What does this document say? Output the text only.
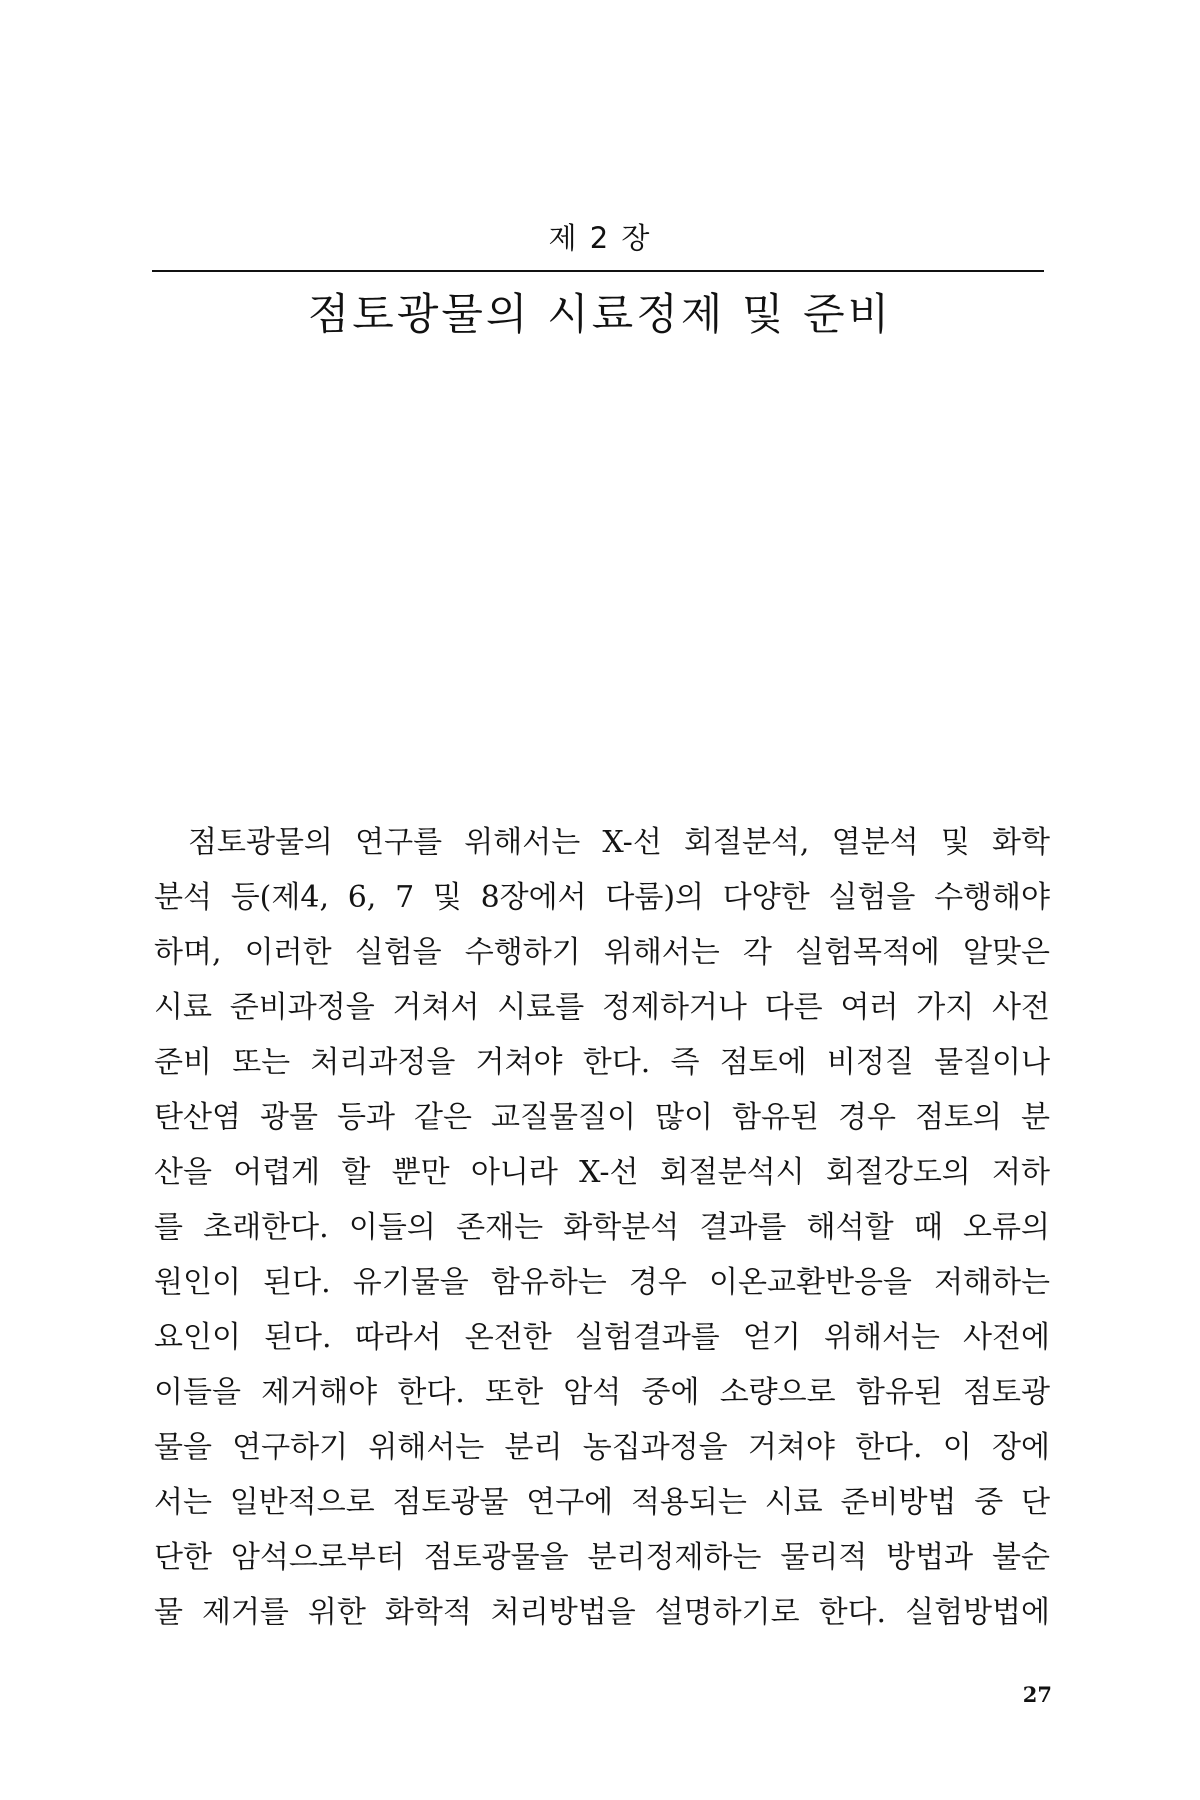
제 2 장
점토광물의 시료정제 및 준비
점토광물의 연구를 위해서는 X-선 회절분석, 열분석 및 화학
분석 등(제4, 6, 7 및 8장에서 다룸)의 다양한 실험을 수행해야
하며, 이러한 실험을 수행하기 위해서는 각 실험목적에 알맞은
시료 준비과정을 거쳐서 시료를 정제하거나 다른 여러 가지 사전
준비 또는 처리과정을 거쳐야 한다. 즉 점토에 비정질 물질이나
탄산염 광물 등과 같은 교질물질이 많이 함유된 경우 점토의 분
산을 어렵게 할 뿐만 아니라 X-선 회절분석시 회절강도의 저하
를 초래한다. 이들의 존재는 화학분석 결과를 해석할 때 오류의
원인이 된다. 유기물을 함유하는 경우 이온교환반응을 저해하는
요인이 된다. 따라서 온전한 실험결과를 얻기 위해서는 사전에
이들을 제거해야 한다. 또한 암석 중에 소량으로 함유된 점토광
물을 연구하기 위해서는 분리 농집과정을 거쳐야 한다. 이 장에
서는 일반적으로 점토광물 연구에 적용되는 시료 준비방법 중 단
단한 암석으로부터 점토광물을 분리정제하는 물리적 방법과 불순
물 제거를 위한 화학적 처리방법을 설명하기로 한다. 실험방법에
27
